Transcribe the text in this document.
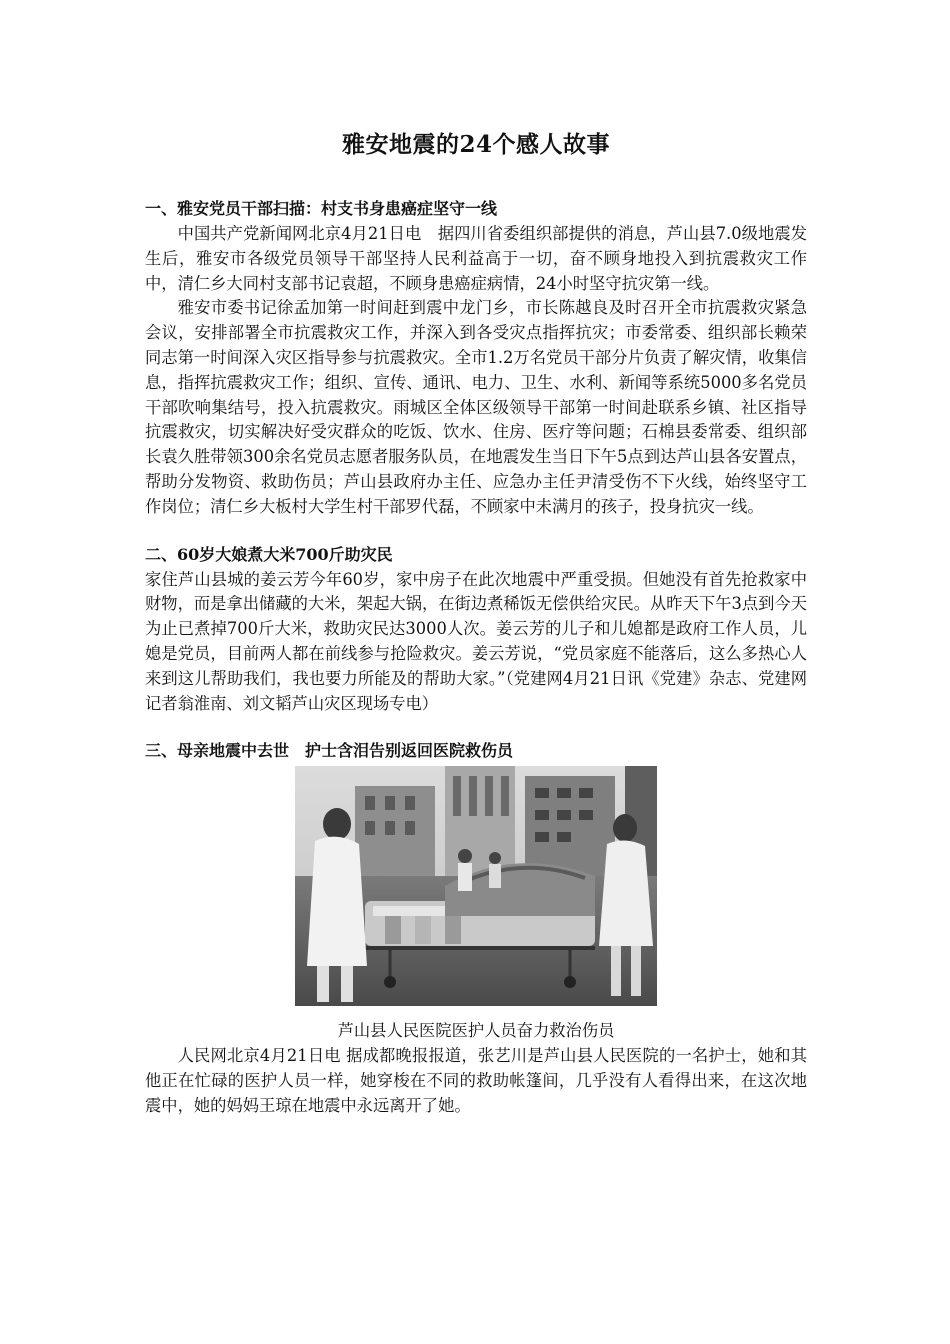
雅安地震的24个感人故事
一、雅安党员干部扫描：村支书身患癌症坚守一线

中国共产党新闻网北京4月21日电　据四川省委组织部提供的消息，芦山县7.0级地震发生后，雅安市各级党员领导干部坚持人民利益高于一切，奋不顾身地投入到抗震救灾工作中，清仁乡大同村支部书记袁超，不顾身患癌症病情，24小时坚守抗灾第一线。

雅安市委书记徐孟加第一时间赶到震中龙门乡，市长陈越良及时召开全市抗震救灾紧急会议，安排部署全市抗震救灾工作，并深入到各受灾点指挥抗灾；市委常委、组织部长赖荣同志第一时间深入灾区指导参与抗震救灾。全市1.2万名党员干部分片负责了解灾情，收集信息，指挥抗震救灾工作；组织、宣传、通讯、电力、卫生、水利、新闻等系统5000多名党员干部吹响集结号，投入抗震救灾。雨城区全体区级领导干部第一时间赴联系乡镇、社区指导抗震救灾，切实解决好受灾群众的吃饭、饮水、住房、医疗等问题；石棉县委常委、组织部长袁久胜带领300余名党员志愿者服务队员，在地震发生当日下午5点到达芦山县各安置点，帮助分发物资、救助伤员；芦山县政府办主任、应急办主任尹清受伤不下火线，始终坚守工作岗位；清仁乡大板村大学生村干部罗代磊，不顾家中未满月的孩子，投身抗灾一线。

二、60岁大娘煮大米700斤助灾民

家住芦山县城的姜云芳今年60岁，家中房子在此次地震中严重受损。但她没有首先抢救家中财物，而是拿出储藏的大米，架起大锅，在街边煮稀饭无偿供给灾民。从昨天下午3点到今天为止已煮掉700斤大米，救助灾民达3000人次。姜云芳的儿子和儿媳都是政府工作人员，儿媳是党员，目前两人都在前线参与抢险救灾。姜云芳说，“党员家庭不能落后，这么多热心人来到这儿帮助我们，我也要力所能及的帮助大家。”（党建网4月21日讯《党建》杂志、党建网记者翁淮南、刘文韬芦山灾区现场专电）

三、母亲地震中去世　护士含泪告别返回医院救伤员
芦山县人民医院医护人员奋力救治伤员

人民网北京4月21日电 据成都晚报报道，张艺川是芦山县人民医院的一名护士，她和其他正在忙碌的医护人员一样，她穿梭在不同的救助帐篷间，几乎没有人看得出来，在这次地震中，她的妈妈王琼在地震中永远离开了她。
